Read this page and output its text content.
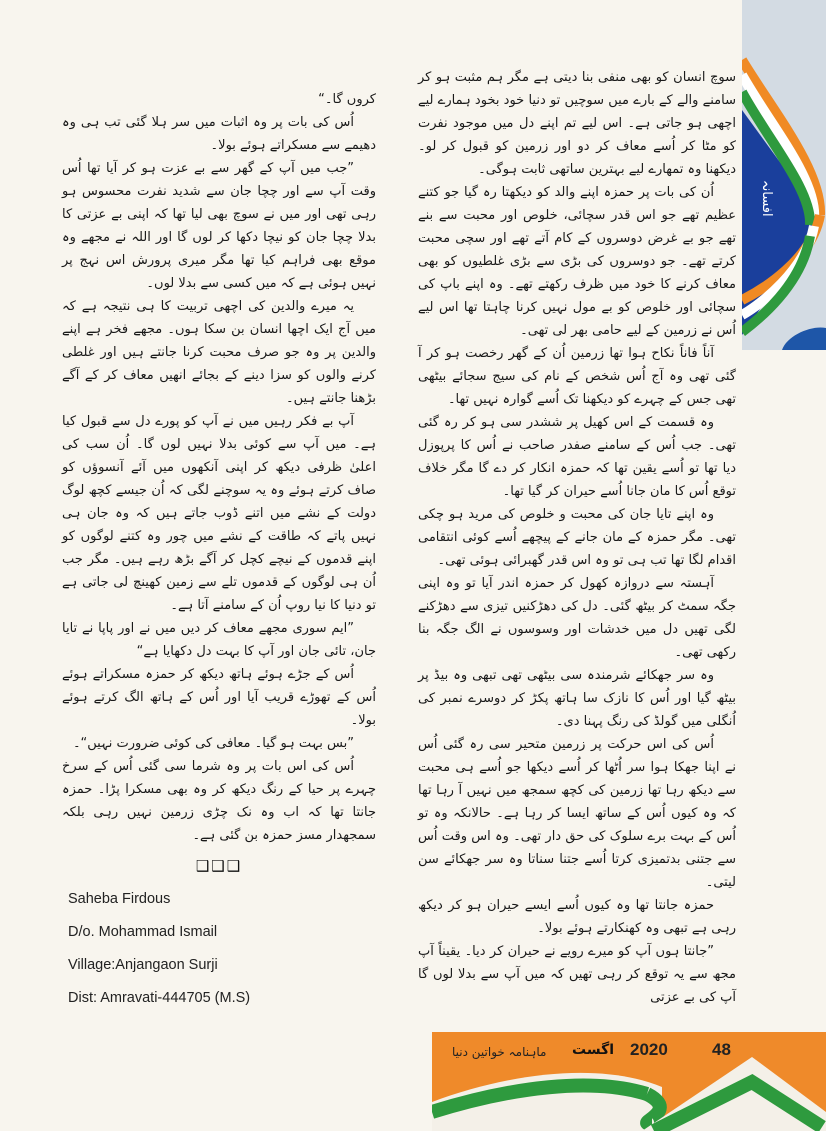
افسانہ
سوچ انسان کو بھی منفی بنا دیتی ہے مگر ہم مثبت ہو کر سامنے والے کے بارے میں سوچیں تو دنیا خود بخود ہمارے لیے اچھی ہو جاتی ہے۔ اس لیے تم اپنے دل میں موجود نفرت کو مٹا کر اُسے معاف کر دو اور زرمین کو قبول کر لو۔ دیکھنا وہ تمھارے لیے بہترین ساتھی ثابت ہوگی۔
اُن کی بات پر حمزہ اپنے والد کو دیکھتا رہ گیا جو کتنے عظیم تھے جو اس قدر سچائی، خلوص اور محبت سے بنے تھے جو بے غرض دوسروں کے کام آتے تھے اور سچی محبت کرتے تھے۔ جو دوسروں کی بڑی سے بڑی غلطیوں کو بھی معاف کرنے کا خود میں ظرف رکھتے تھے۔ وہ اپنے باپ کی سچائی اور خلوص کو بے مول نہیں کرنا چاہتا تھا اس لیے اُس نے زرمین کے لیے حامی بھر لی تھی۔
آناً فاناً نکاح ہوا تھا زرمین اُن کے گھر رخصت ہو کر آ گئی تھی وہ آج اُس شخص کے نام کی سیج سجائے بیٹھی تھی جس کے چہرے کو دیکھنا تک اُسے گوارہ نہیں تھا۔
وہ قسمت کے اس کھیل پر ششدر سی ہو کر رہ گئی تھی۔ جب اُس کے سامنے صفدر صاحب نے اُس کا پرپوزل دیا تھا تو اُسے یقین تھا کہ حمزہ انکار کر دے گا مگر خلاف توقع اُس کا مان جانا اُسے حیران کر گیا تھا۔
وہ اپنے تایا جان کی محبت و خلوص کی مرید ہو چکی تھی۔ مگر حمزہ کے مان جانے کے پیچھے اُسے کوئی انتقامی اقدام لگا تھا تب ہی تو وہ اس قدر گھبرائی ہوئی تھی۔
آہستہ سے دروازہ کھول کر حمزہ اندر آیا تو وہ اپنی جگہ سمٹ کر بیٹھ گئی۔ دل کی دھڑکنیں تیزی سے دھڑکنے لگی تھیں دل میں خدشات اور وسوسوں نے الگ جگہ بنا رکھی تھی۔
وہ سر جھکائے شرمندہ سی بیٹھی تھی تبھی وہ بیڈ پر بیٹھ گیا اور اُس کا نازک سا ہاتھ پکڑ کر دوسرے نمبر کی اُنگلی میں گولڈ کی رنگ پہنا دی۔
اُس کی اس حرکت پر زرمین متحیر سی رہ گئی اُس نے اپنا جھکا ہوا سر اُٹھا کر اُسے دیکھا جو اُسے ہی محبت سے دیکھ رہا تھا زرمین کی کچھ سمجھ میں نہیں آ رہا تھا کہ وہ کیوں اُس کے ساتھ ایسا کر رہا ہے۔ حالانکہ وہ تو اُس کے بہت برے سلوک کی حق دار تھی۔ وہ اس وقت اُس سے جتنی بدتمیزی کرتا اُسے جتنا سناتا وہ سر جھکائے سن لیتی۔
حمزہ جانتا تھا وہ کیوں اُسے ایسے حیران ہو کر دیکھ رہی ہے تبھی وہ کھنکارتے ہوئے بولا۔
”جانتا ہوں آپ کو میرے رویے نے حیران کر دیا۔ یقیناً آپ مجھ سے یہ توقع کر رہی تھیں کہ میں آپ سے بدلا لوں گا آپ کی بے عزتی
کروں گا۔“
اُس کی بات پر وہ اثبات میں سر ہلا گئی تب ہی وہ دھیمے سے مسکراتے ہوئے بولا۔
”جب میں آپ کے گھر سے بے عزت ہو کر آیا تھا اُس وقت آپ سے اور چچا جان سے شدید نفرت محسوس ہو رہی تھی اور میں نے سوچ بھی لیا تھا کہ اپنی بے عزتی کا بدلا چچا جان کو نیچا دکھا کر لوں گا اور اللہ نے مجھے وہ موقع بھی فراہم کیا تھا مگر میری پرورش اس نہج پر نہیں ہوئی ہے کہ میں کسی سے بدلا لوں۔
یہ میرے والدین کی اچھی تربیت کا ہی نتیجہ ہے کہ میں آج ایک اچھا انسان بن سکا ہوں۔ مجھے فخر ہے اپنے والدین پر وہ جو صرف محبت کرنا جانتے ہیں اور غلطی کرنے والوں کو سزا دینے کے بجائے انھیں معاف کر کے آگے بڑھنا جانتے ہیں۔
آپ بے فکر رہیں میں نے آپ کو پورے دل سے قبول کیا ہے۔ میں آپ سے کوئی بدلا نہیں لوں گا۔ اُن سب کی اعلیٰ ظرفی دیکھ کر اپنی آنکھوں میں آئے آنسوؤں کو صاف کرتے ہوئے وہ یہ سوچنے لگی کہ اُن جیسے کچھ لوگ دولت کے نشے میں اتنے ڈوب جاتے ہیں کہ وہ جان ہی نہیں پاتے کہ طاقت کے نشے میں چور وہ کتنے لوگوں کو اپنے قدموں کے نیچے کچل کر آگے بڑھ رہے ہیں۔ مگر جب اُن ہی لوگوں کے قدموں تلے سے زمین کھینچ لی جاتی ہے تو دنیا کا نیا روپ اُن کے سامنے آتا ہے۔
”ایم سوری مجھے معاف کر دیں میں نے اور پاپا نے تایا جان، تائی جان اور آپ کا بہت دل دکھایا ہے“
اُس کے جڑے ہوئے ہاتھ دیکھ کر حمزہ مسکراتے ہوئے اُس کے تھوڑے قریب آیا اور اُس کے ہاتھ الگ کرتے ہوئے بولا۔
”بس بہت ہو گیا۔ معافی کی کوئی ضرورت نہیں“۔
اُس کی اس بات پر وہ شرما سی گئی اُس کے سرخ چہرے پر حیا کے رنگ دیکھ کر وہ بھی مسکرا پڑا۔ حمزہ جانتا تھا کہ اب وہ نک چڑی زرمین نہیں رہی بلکہ سمجھدار مسز حمزہ بن گئی ہے۔
❑❑❑
Saheba Firdous
D/o. Mohammad Ismail
Village:Anjangaon Surji
Dist: Amravati-444705 (M.S)
ماہنامہ خواتین دنیا اگست 2020	48
